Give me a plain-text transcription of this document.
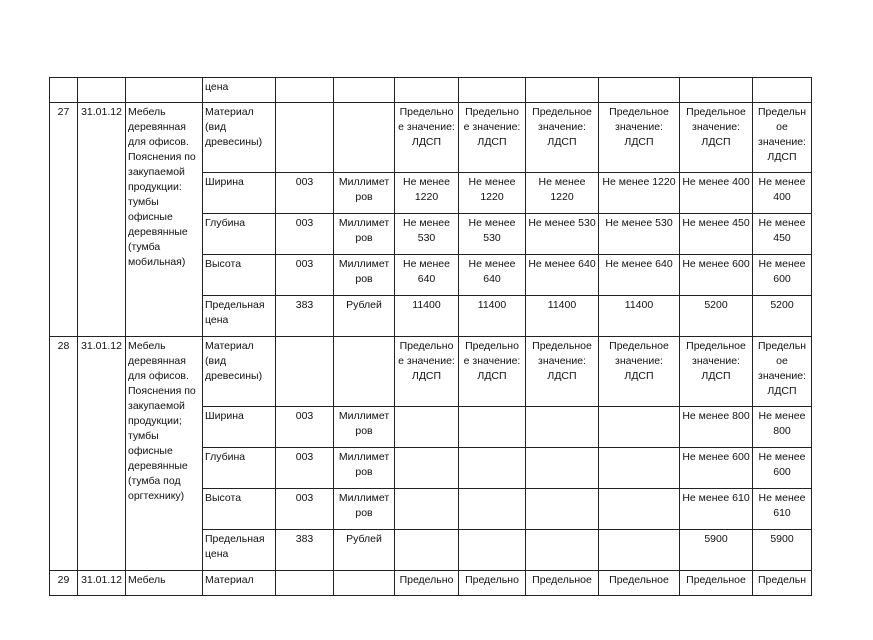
			цена								
27	31.01.12	Мебель деревянная для офисов. Пояснения по закупаемой продукции: тумбы офисные деревянные (тумба мобильная)	Материал (вид древесины)			Предельно е значение: ЛДСП	Предельно е значение: ЛДСП	Предельное значение: ЛДСП	Предельное значение: ЛДСП	Предельное значение: ЛДСП	Предельн ое значение: ЛДСП
			Ширина	003	Миллимет ров	Не менее 1220	Не менее 1220	Не менее 1220	Не менее 1220	Не менее 400	Не менее 400
			Глубина	003	Миллимет ров	Не менее 530	Не менее 530	Не менее 530	Не менее 530	Не менее 450	Не менее 450
			Высота	003	Миллимет ров	Не менее 640	Не менее 640	Не менее 640	Не менее 640	Не менее 600	Не менее 600
			Предельная цена	383	Рублей	11400	11400	11400	11400	5200	5200
28	31.01.12	Мебель деревянная для офисов. Пояснения по закупаемой продукции; тумбы офисные деревянные (тумба под оргтехнику)	Материал (вид древесины)			Предельно е значение: ЛДСП	Предельно е значение: ЛДСП	Предельное значение: ЛДСП	Предельное значение: ЛДСП	Предельное значение: ЛДСП	Предельн ое значение: ЛДСП
			Ширина	003	Миллимет ров					Не менее 800	Не менее 800
			Глубина	003	Миллимет ров					Не менее 600	Не менее 600
			Высота	003	Миллимет ров					Не менее 610	Не менее 610
			Предельная цена	383	Рублей					5900	5900
29	31.01.12	Мебель	Материал			Предельно	Предельно	Предельное	Предельное	Предельное	Предельн
